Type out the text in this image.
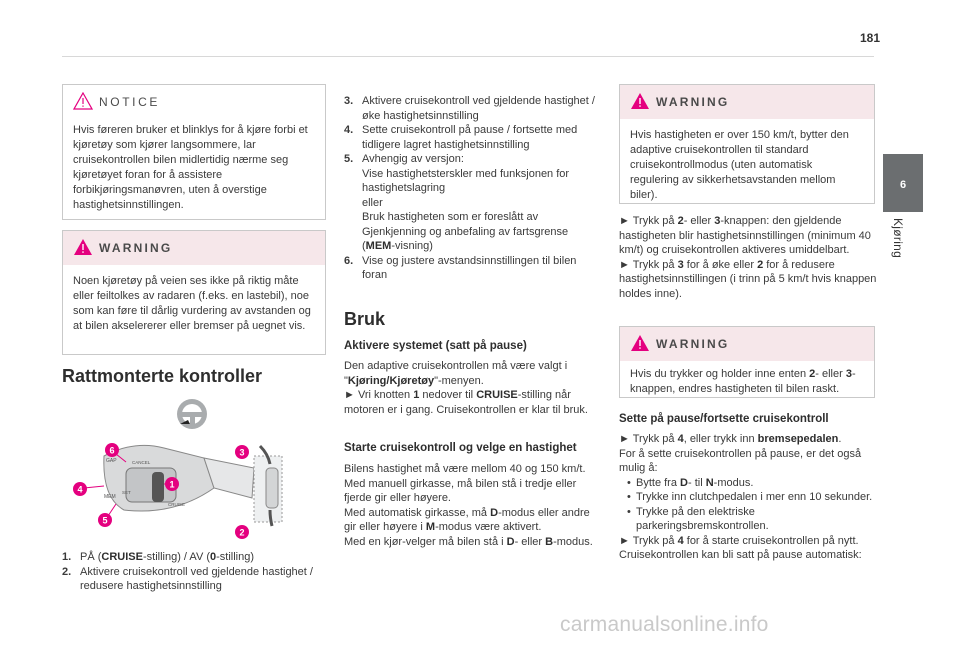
181
6
Kjøring
NOTICE
Hvis føreren bruker et blinklys for å kjøre forbi et kjøretøy som kjører langsommere, lar cruisekontrollen bilen midlertidig nærme seg kjøretøyet foran for å assistere forbikjøringsmanøvren, uten å overstige hastighetsinnstillingen.
WARNING
Noen kjøretøy på veien ses ikke på riktig måte eller feiltolkes av radaren (f.eks. en lastebil), noe som kan føre til dårlig vurdering av avstanden og at bilen akselererer eller bremser på uegnet vis.
Rattmonterte kontroller
GAP	CANCEL
MEM
CRUISE
SET
6
4
5
1
3
2
1. PÅ (CRUISE-stilling) / AV (0-stilling)
2. Aktivere cruisekontroll ved gjeldende hastighet / redusere hastighetsinnstilling
3. Aktivere cruisekontroll ved gjeldende hastighet / øke hastighetsinnstilling
4. Sette cruisekontroll på pause / fortsette med tidligere lagret hastighetsinnstilling
5. Avhengig av versjon:
Vise hastighetsterskler med funksjonen for hastighetslagring
eller
Bruk hastigheten som er foreslått av Gjenkjenning og anbefaling av fartsgrense (MEM-visning)
6. Vise og justere avstandsinnstillingen til bilen foran
Bruk
Aktivere systemet (satt på pause)
Den adaptive cruisekontrollen må være valgt i "Kjøring/Kjøretøy"-menyen.
► Vri knotten 1 nedover til CRUISE-stilling når motoren er i gang. Cruisekontrollen er klar til bruk.
Starte cruisekontroll og velge en hastighet
Bilens hastighet må være mellom 40 og 150 km/t.
Med manuell girkasse, må bilen stå i tredje eller fjerde gir eller høyere.
Med automatisk girkasse, må D-modus eller andre gir eller høyere i M-modus være aktivert.
Med en kjør-velger må bilen stå i D- eller B-modus.
WARNING
Hvis hastigheten er over 150 km/t, bytter den adaptive cruisekontrollen til standard cruisekontrollmodus (uten automatisk regulering av sikkerhetsavstanden mellom biler).
► Trykk på 2- eller 3-knappen: den gjeldende hastigheten blir hastighetsinnstillingen (minimum 40 km/t) og cruisekontrollen aktiveres umiddelbart.
► Trykk på 3 for å øke eller 2 for å redusere hastighetsinnstillingen (i trinn på 5 km/t hvis knappen holdes inne).
WARNING
Hvis du trykker og holder inne enten 2- eller 3-knappen, endres hastigheten til bilen raskt.
Sette på pause/fortsette cruisekontroll
► Trykk på 4, eller trykk inn bremsepedalen.
For å sette cruisekontrollen på pause, er det også mulig å:
• Bytte fra D- til N-modus.
• Trykke inn clutchpedalen i mer enn 10 sekunder.
• Trykke på den elektriske parkeringsbremskontrollen.
► Trykk på 4 for å starte cruisekontrollen på nytt. Cruisekontrollen kan bli satt på pause automatisk:
carmanualsonline.info
